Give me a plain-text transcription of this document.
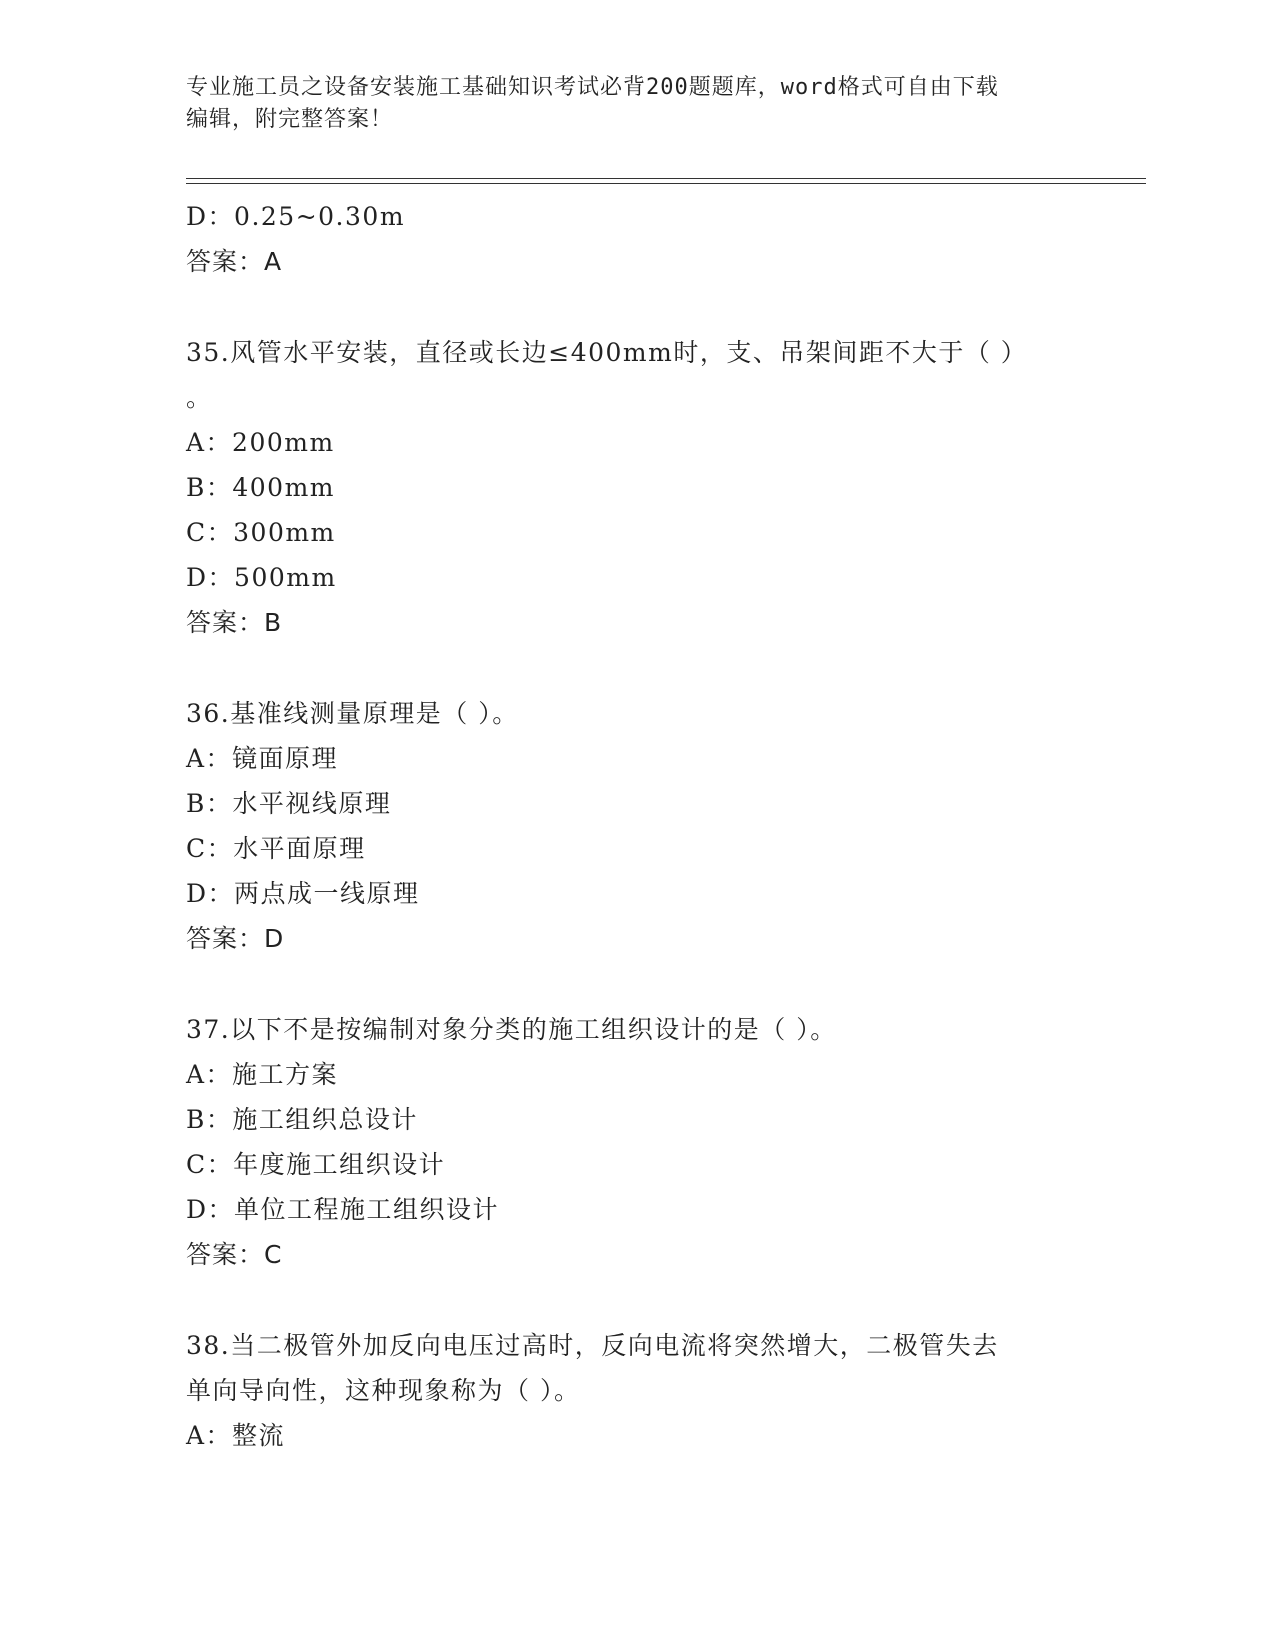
专业施工员之设备安装施工基础知识考试必背200题题库，word格式可自由下载
编辑，附完整答案！
D：0.25~0.30m
答案：A
35.风管水平安装，直径或长边≤400mm时，支、吊架间距不大于（ ）
。
A：200mm
B：400mm
C：300mm
D：500mm
答案：B
36.基准线测量原理是（ ）。
A：镜面原理
B：水平视线原理
C：水平面原理
D：两点成一线原理
答案：D
37.以下不是按编制对象分类的施工组织设计的是（ ）。
A：施工方案
B：施工组织总设计
C：年度施工组织设计
D：单位工程施工组织设计
答案：C
38.当二极管外加反向电压过高时，反向电流将突然增大，二极管失去
单向导向性，这种现象称为（ ）。
A：整流
